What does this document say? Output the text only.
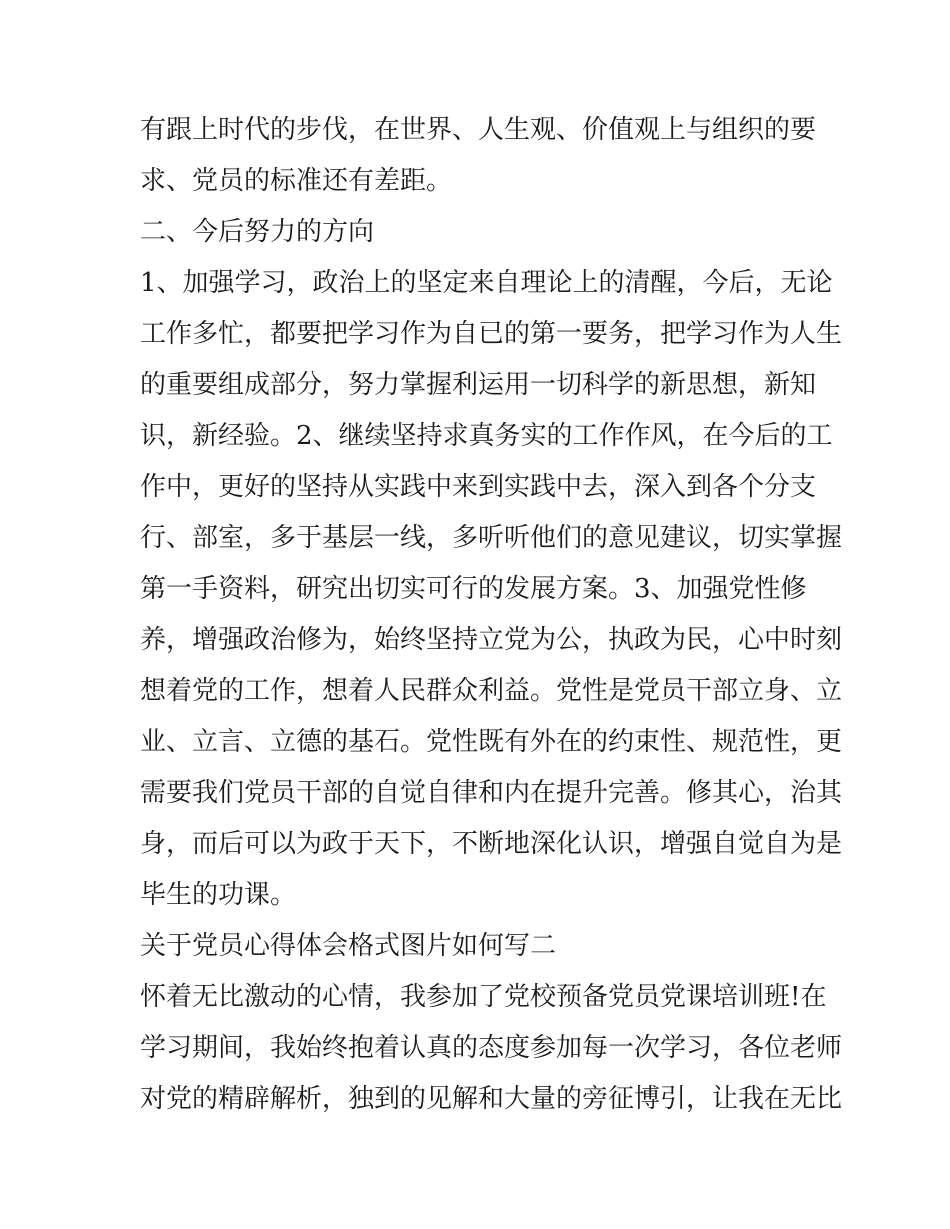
有跟上时代的步伐，在世界、人生观、价值观上与组织的要
求、党员的标准还有差距。
二、今后努力的方向
1、加强学习，政治上的坚定来自理论上的清醒，今后，无论
工作多忙，都要把学习作为自已的第一要务，把学习作为人生
的重要组成部分，努力掌握利运用一切科学的新思想，新知
识，新经验。2、继续坚持求真务实的工作作风，在今后的工
作中，更好的坚持从实践中来到实践中去，深入到各个分支
行、部室，多于基层一线，多听听他们的意见建议，切实掌握
第一手资料，研究出切实可行的发展方案。3、加强党性修
养，增强政治修为，始终坚持立党为公，执政为民，心中时刻
想着党的工作，想着人民群众利益。党性是党员干部立身、立
业、立言、立德的基石。党性既有外在的约束性、规范性，更
需要我们党员干部的自觉自律和内在提升完善。修其心，治其
身，而后可以为政于天下，不断地深化认识，增强自觉自为是
毕生的功课。
关于党员心得体会格式图片如何写二
怀着无比激动的心情，我参加了党校预备党员党课培训班!在
学习期间，我始终抱着认真的态度参加每一次学习，各位老师
对党的精辟解析，独到的见解和大量的旁征博引，让我在无比
